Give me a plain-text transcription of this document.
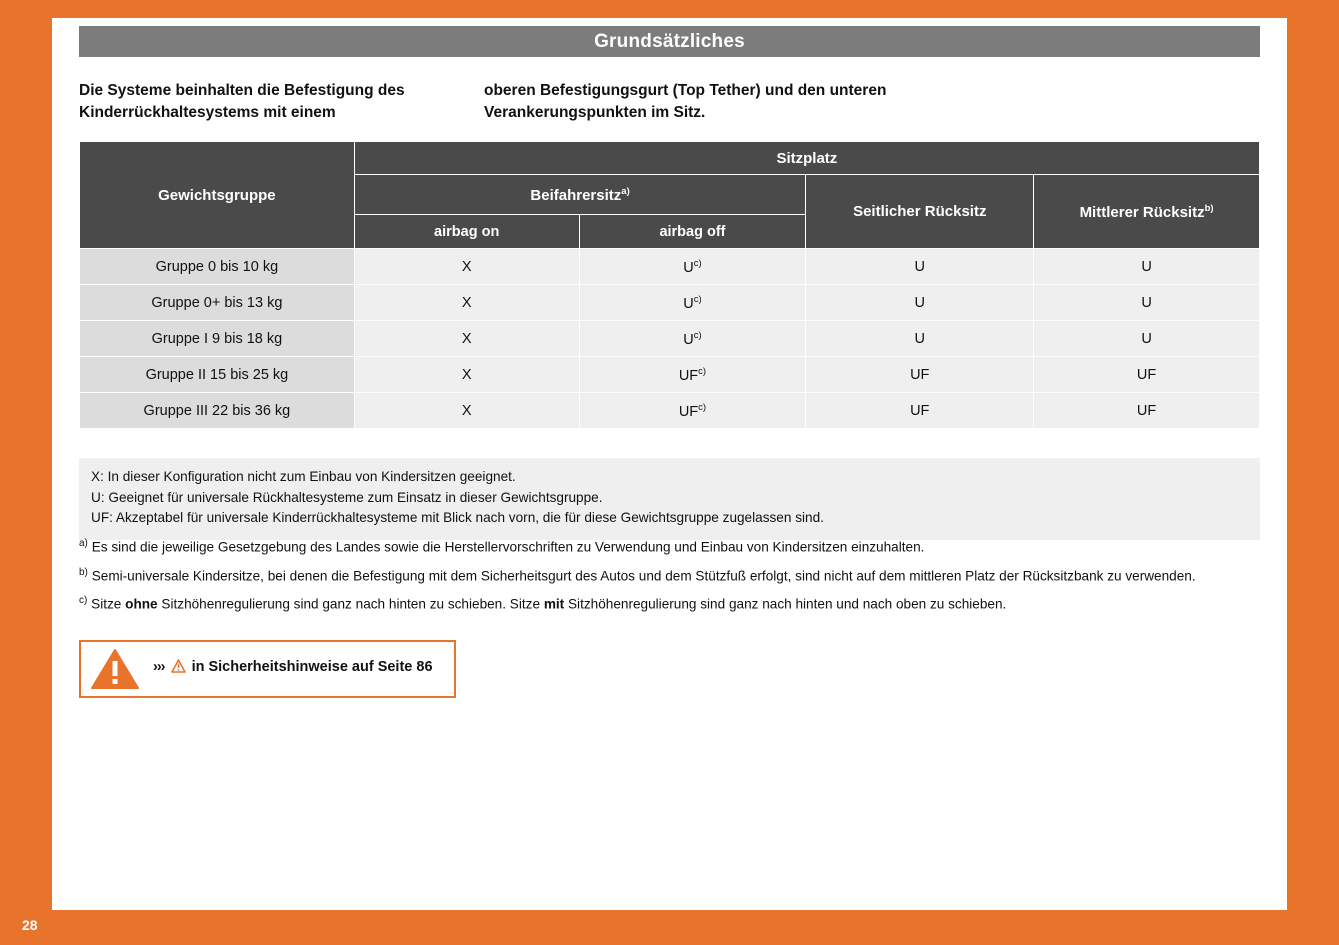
Grundsätzliches
Die Systeme beinhalten die Befestigung des Kinderrückhaltesystems mit einem
oberen Befestigungsgurt (Top Tether) und den unteren Verankerungspunkten im Sitz.
Gewichtsgruppe	Sitzplatz			
	Beifahrersitz$^{a)}$		Seitlicher Rücksitz	Mittlerer Rücksitz$^{b)}$
	airbag on	airbag off		
Gruppe 0 bis 10 kg	X	$U^{c)}$	U	U
Gruppe 0+ bis 13 kg	X	$U^{c)}$	U	U
Gruppe I 9 bis 18 kg	X	$U^{c)}$	U	U
Gruppe II 15 bis 25 kg	X	UF$^{c)}$	UF	UF
Gruppe III 22 bis 36 kg	X	UF$^{c)}$	UF	UF
X: In dieser Konfiguration nicht zum Einbau von Kindersitzen geeignet.
U: Geeignet für universale Rückhaltesysteme zum Einsatz in dieser Gewichtsgruppe.
UF: Akzeptabel für universale Kinderrückhaltesysteme mit Blick nach vorn, die für diese Gewichtsgruppe zugelassen sind.

$^{a)}$ Es sind die jeweilige Gesetzgebung des Landes sowie die Herstellervorschriften zu Verwendung und Einbau von Kindersitzen einzuhalten.

$^{b)}$ Semi-universale Kindersitze, bei denen die Befestigung mit dem Sicherheitsgurt des Autos und dem Stützfuß erfolgt, sind nicht auf dem mittleren Platz der Rücksitzbank zu verwenden.

$^{c)}$ Sitze ohne Sitzhöhenregulierung sind ganz nach hinten zu schieben. Sitze mit Sitzhöhenregulierung sind ganz nach hinten und nach oben zu schieben.

››› in Sicherheitshinweise auf Seite 86
28
